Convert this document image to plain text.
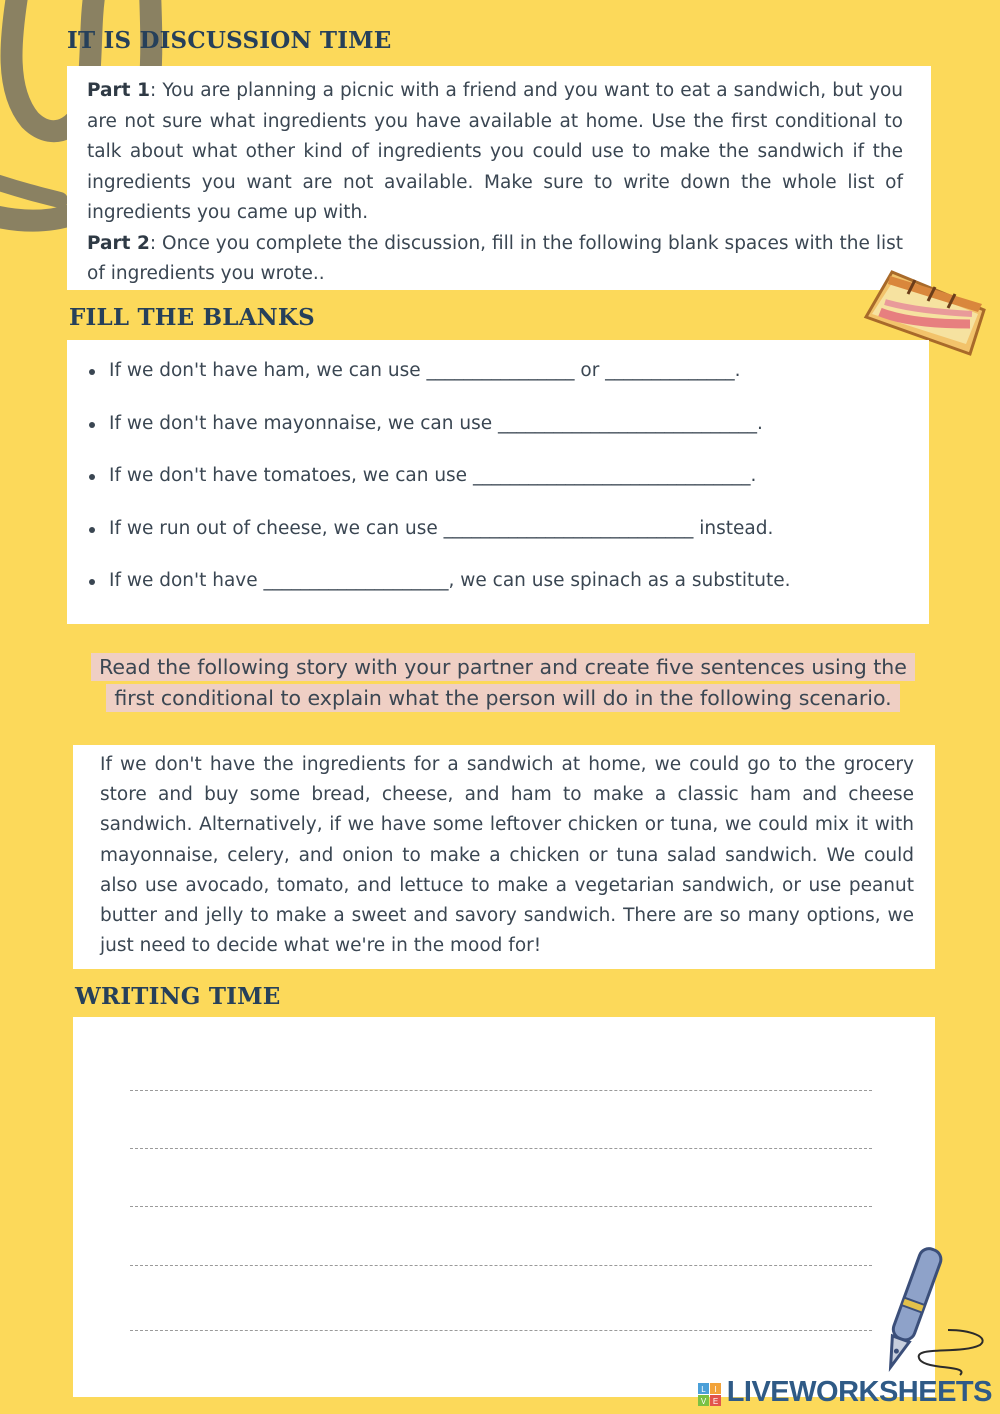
IT IS DISCUSSION TIME

Part 1: You are planning a picnic with a friend and you want to eat a sandwich, but you are not sure what ingredients you have available at home. Use the first conditional to talk about what other kind of ingredients you could use to make the sandwich if the ingredients you want are not available. Make sure to write down the whole list of ingredients you came up with.

Part 2: Once you complete the discussion, fill in the following blank spaces with the list of ingredients you wrote..

FILL THE BLANKS
If we don't have ham, we can use ________________ or ______________.
If we don't have mayonnaise, we can use ____________________________.
If we don't have tomatoes, we can use ______________________________.
If we run out of cheese, we can use ___________________________ instead.
If we don't have ____________________, we can use spinach as a substitute.
Read the following story with your partner and create five sentences using the first conditional to explain what the person will do in the following scenario.

If we don't have the ingredients for a sandwich at home, we could go to the grocery store and buy some bread, cheese, and ham to make a classic ham and cheese sandwich. Alternatively, if we have some leftover chicken or tuna, we could mix it with mayonnaise, celery, and onion to make a chicken or tuna salad sandwich. We could also use avocado, tomato, and lettuce to make a vegetarian sandwich, or use peanut butter and jelly to make a sweet and savory sandwich. There are so many options, we just need to decide what we're in the mood for!

WRITING TIME
L I
V E LIVEWORKSHEETS
